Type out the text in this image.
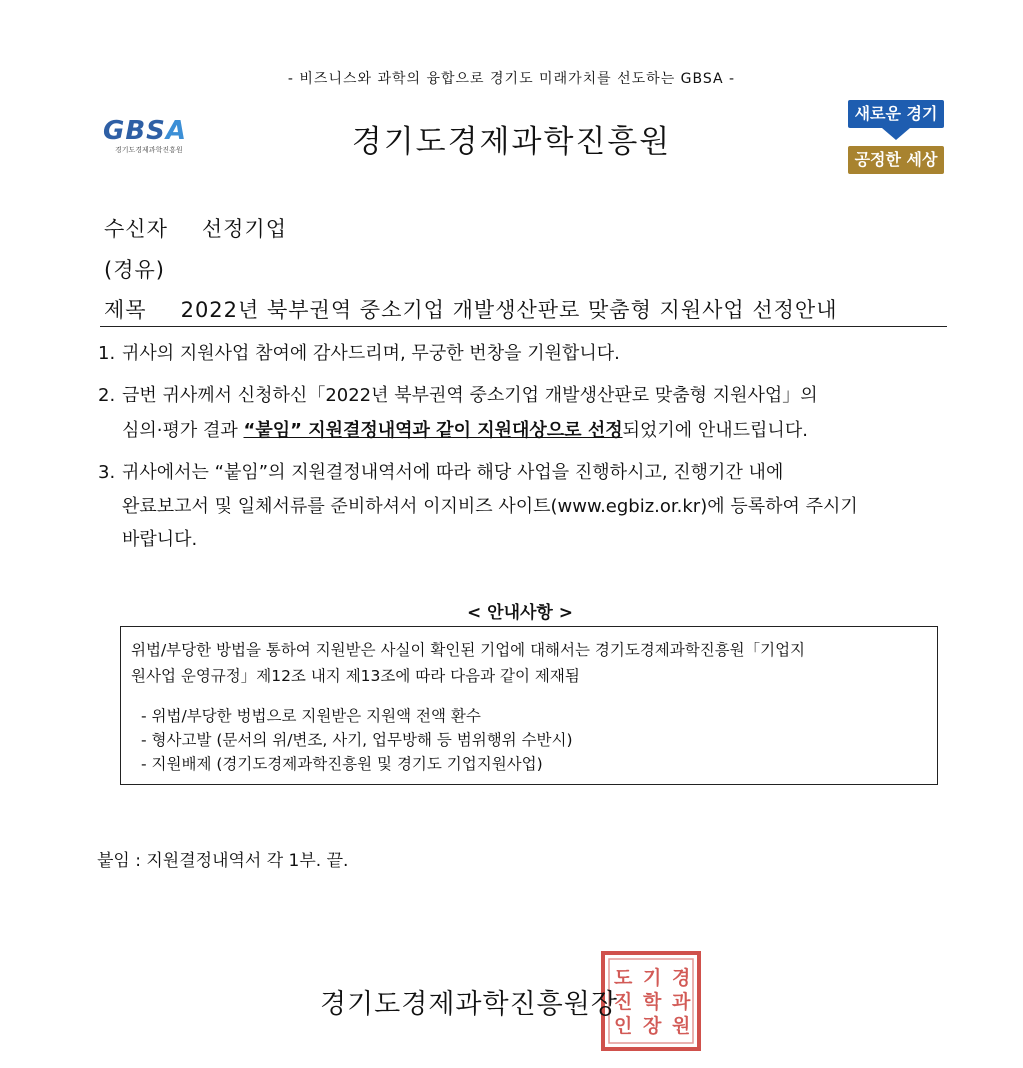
- 비즈니스와 과학의 융합으로 경기도 미래가치를 선도하는 GBSA -
GBSA
경기도경제과학진흥원	경기도경제과학진흥원
새로운 경기
공정한 세상
수신자 선정기업
(경유)
제목 2022년 북부권역 중소기업 개발생산판로 맞춤형 지원사업 선정안내
1. 귀사의 지원사업 참여에 감사드리며, 무궁한 번창을 기원합니다.
2. 금번 귀사께서 신청하신「2022년 북부권역 중소기업 개발생산판로 맞춤형 지원사업」의
심의·평가 결과 “붙임” 지원결정내역과 같이 지원대상으로 선정되었기에 안내드립니다.
3. 귀사에서는 “붙임”의 지원결정내역서에 따라 해당 사업을 진행하시고, 진행기간 내에
완료보고서 및 일체서류를 준비하셔서 이지비즈 사이트(www.egbiz.or.kr)에 등록하여 주시기
바랍니다.
< 안내사항 >
위법/부당한 방법을 통하여 지원받은 사실이 확인된 기업에 대해서는 경기도경제과학진흥원「기업지
원사업 운영규정」제12조 내지 제13조에 따라 다음과 같이 제재됨
- 위법/부당한 벙법으로 지원받은 지원액 전액 환수
- 형사고발 (문서의 위/변조, 사기, 업무방해 등 범위행위 수반시)
- 지원배제 (경기도경제과학진흥원 및 경기도 기업지원사업)
붙임 : 지원결정내역서 각 1부. 끝.
경
과
원
기
학
장
도
진
인
경기도경제과학진흥원장
